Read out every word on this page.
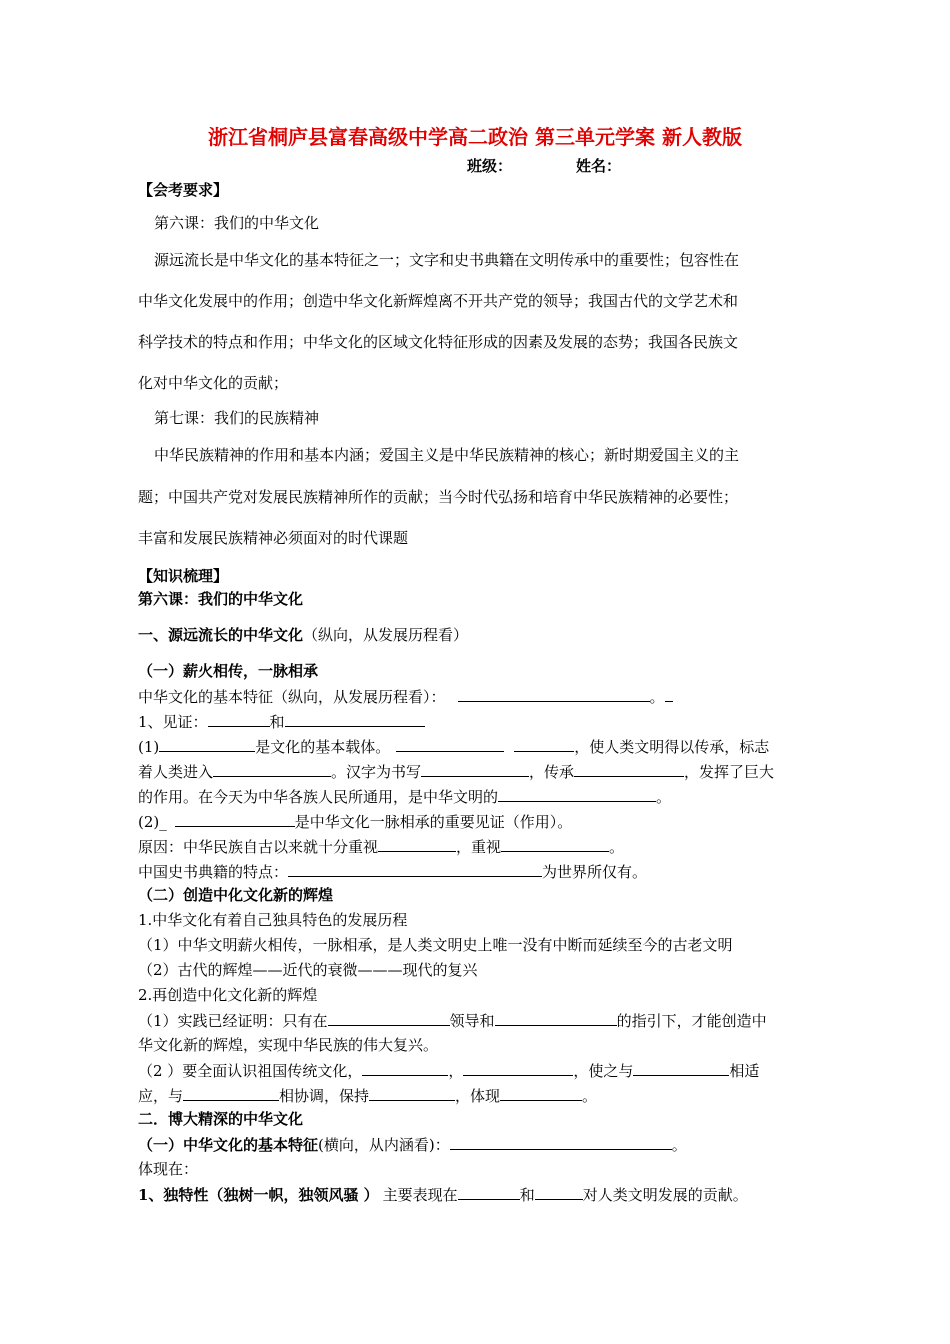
浙江省桐庐县富春高级中学高二政治 第三单元学案 新人教版
班级：	姓名：
【会考要求】
第六课：我们的中华文化
源远流长是中华文化的基本特征之一；文字和史书典籍在文明传承中的重要性；包容性在
中华文化发展中的作用；创造中华文化新辉煌离不开共产党的领导；我国古代的文学艺术和
科学技术的特点和作用；中华文化的区域文化特征形成的因素及发展的态势；我国各民族文
化对中华文化的贡献；
第七课：我们的民族精神
中华民族精神的作用和基本内涵；爱国主义是中华民族精神的核心；新时期爱国主义的主
题；中国共产党对发展民族精神所作的贡献；当今时代弘扬和培育中华民族精神的必要性；
丰富和发展民族精神必须面对的时代课题
【知识梳理】
第六课：我们的中华文化
一、源远流长的中华文化（纵向，从发展历程看）
（一）薪火相传，一脉相承
中华文化的基本特征（纵向，从发展历程看）：	。
1、见证：	和
(1)	是文化的基本载体。	，使人类文明得以传承，标志
着人类进入	。汉字为书写	，传承	，发挥了巨大
的作用。在今天为中华各族人民所通用，是中华文明的	。
(2)_	是中华文化一脉相承的重要见证（作用）。
原因：中华民族自古以来就十分重视	，重视	。
中国史书典籍的特点：	为世界所仅有。
（二）创造中化文化新的辉煌
1.中华文化有着自己独具特色的发展历程
（1）中华文明薪火相传，一脉相承，是人类文明史上唯一没有中断而延续至今的古老文明
（2）古代的辉煌——近代的衰微———现代的复兴
2.再创造中化文化新的辉煌
（1）实践已经证明：只有在	领导和	的指引下，才能创造中
华文化新的辉煌，实现中华民族的伟大复兴。
（2 ）要全面认识祖国传统文化，	，	，使之与	相适
应，与	相协调，保持	，体现	。
二．博大精深的中华文化
（一）中华文化的基本特征(横向，从内涵看)：	。
体现在：
1、独特性（独树一帜，独领风骚 ） 主要表现在	和	对人类文明发展的贡献。
